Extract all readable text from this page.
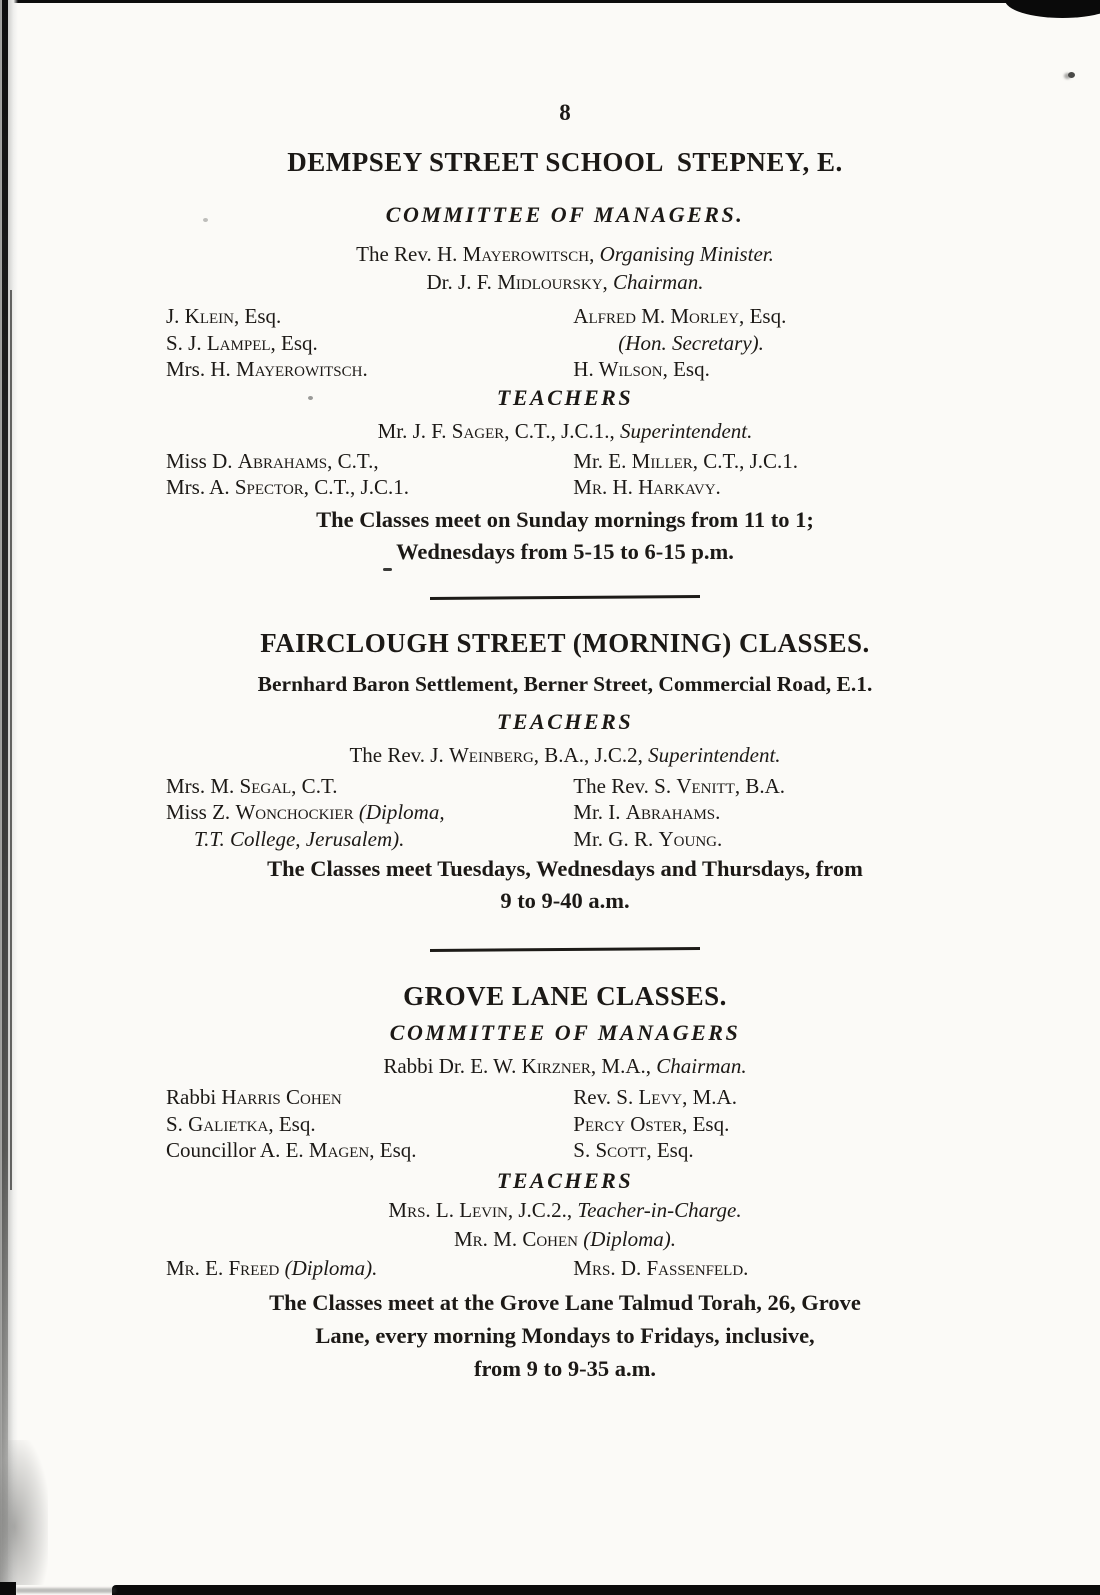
8
DEMPSEY STREET SCHOOL  STEPNEY, E.
COMMITTEE OF MANAGERS.
The Rev. H. Mayerowitsch, Organising Minister.
Dr. J. F. Midloursky, Chairman.
J. Klein, Esq.
S. J. Lampel, Esq.
Mrs. H. Mayerowitsch.
Alfred M. Morley, Esq.
(Hon. Secretary).
H. Wilson, Esq.
TEACHERS
Mr. J. F. Sager, C.T., J.C.1., Superintendent.
Miss D. Abrahams, C.T.,
Mrs. A. Spector, C.T., J.C.1.
Mr. E. Miller, C.T., J.C.1.
Mr. H. Harkavy.
The Classes meet on Sunday mornings from 11 to 1;
Wednesdays from 5-15 to 6-15 p.m.
FAIRCLOUGH STREET (MORNING) CLASSES.
Bernhard Baron Settlement, Berner Street, Commercial Road, E.1.
TEACHERS
The Rev. J. Weinberg, B.A., J.C.2, Superintendent.
Mrs. M. Segal, C.T.
Miss Z. Wonchockier (Diploma,
T.T. College, Jerusalem).
The Rev. S. Venitt, B.A.
Mr. I. Abrahams.
Mr. G. R. Young.
The Classes meet Tuesdays, Wednesdays and Thursdays, from
9 to 9-40 a.m.
GROVE LANE CLASSES.
COMMITTEE OF MANAGERS
Rabbi Dr. E. W. Kirzner, M.A., Chairman.
Rabbi Harris Cohen
S. Galietka, Esq.
Councillor A. E. Magen, Esq.
Rev. S. Levy, M.A.
Percy Oster, Esq.
S. Scott, Esq.
TEACHERS
Mrs. L. Levin, J.C.2., Teacher-in-Charge.
Mr. M. Cohen (Diploma).
Mr. E. Freed (Diploma).	Mrs. D. Fassenfeld.
The Classes meet at the Grove Lane Talmud Torah, 26, Grove
Lane, every morning Mondays to Fridays, inclusive,
from 9 to 9-35 a.m.
